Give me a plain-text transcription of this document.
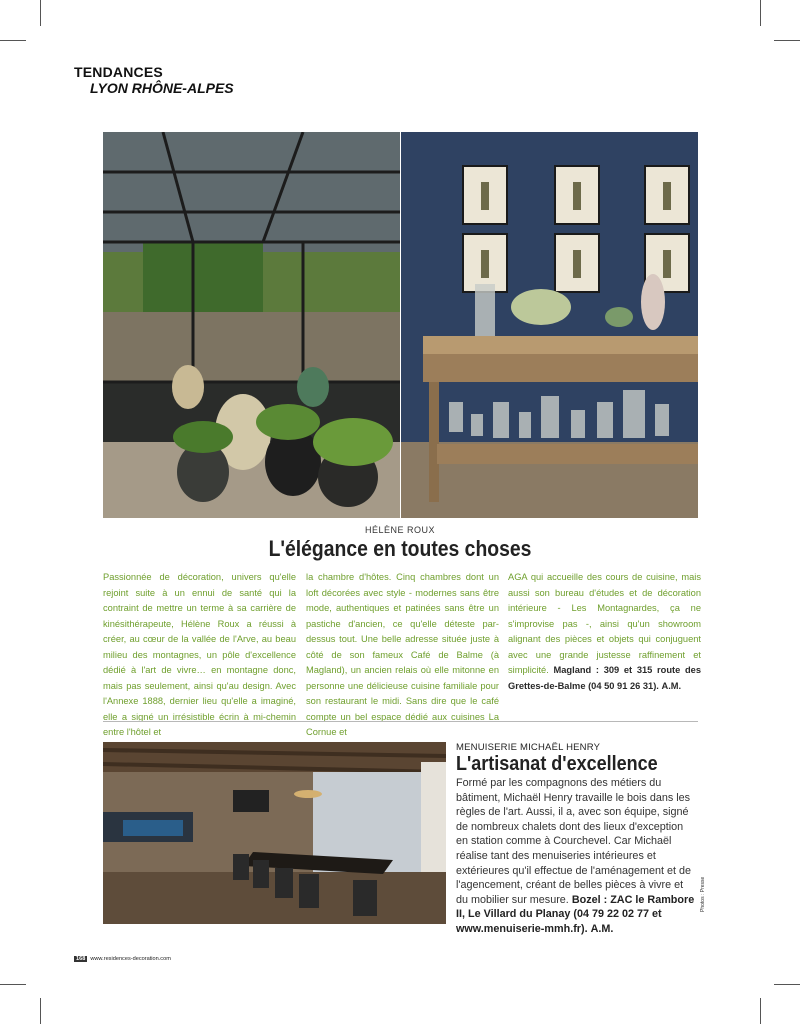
TENDANCES
LYON RHÔNE-ALPES
HÉLÈNE ROUX
L'élégance en toutes choses
Passionnée de décoration, univers qu'elle rejoint suite à un ennui de santé qui la contraint de mettre un terme à sa carrière de kinésithérapeute, Hélène Roux a réussi à créer, au cœur de la vallée de l'Arve, au beau milieu des montagnes, un pôle d'excellence dédié à l'art de vivre… en montagne donc, mais pas seulement, ainsi qu'au design. Avec l'Annexe 1888, dernier lieu qu'elle a imaginé, elle a signé un irrésistible écrin à mi-chemin entre l'hôtel et
la chambre d'hôtes. Cinq chambres dont un loft décorées avec style - modernes sans être mode, authentiques et patinées sans être un pastiche d'ancien, ce qu'elle déteste par-dessus tout. Une belle adresse située juste à côté de son fameux Café de Balme (à Magland), un ancien relais où elle mitonne en personne une délicieuse cuisine familiale pour son restaurant le midi. Sans dire que le café compte un bel espace dédié aux cuisines La Cornue et
AGA qui accueille des cours de cuisine, mais aussi son bureau d'études et de décoration intérieure - Les Montagnardes, ça ne s'improvise pas -, ainsi qu'un showroom alignant des pièces et objets qui conjuguent avec une grande justesse raffinement et simplicité. Magland : 309 et 315 route des Grettes-de-Balme (04 50 91 26 31). A.M.
MENUISERIE MICHAËL HENRY
L'artisanat d'excellence
Formé par les compagnons des métiers du bâtiment, Michaël Henry travaille le bois dans les règles de l'art. Aussi, il a, avec son équipe, signé de nombreux chalets dont des lieux d'exception en station comme à Courchevel. Car Michaël réalise tant des menuiseries intérieures et extérieures qu'il effectue de l'aménagement et de l'agencement, créant de belles pièces à vivre et du mobilier sur mesure. Bozel : ZAC le Rambore II, Le Villard du Planay (04 79 22 02 77 et www.menuiserie-mmh.fr). A.M.
Photos : Presse
168 www.residences-decoration.com
